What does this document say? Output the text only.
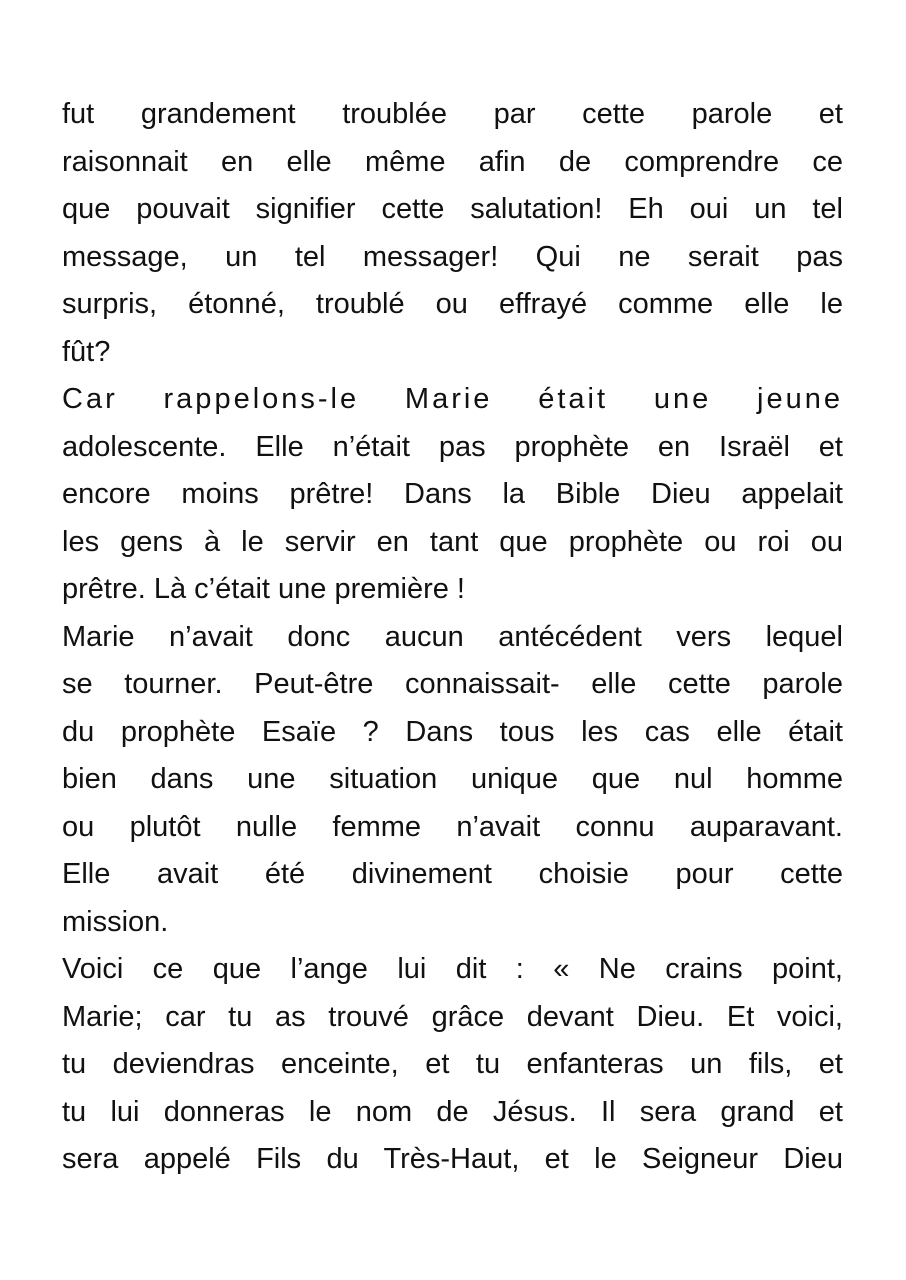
fut grandement troublée par cette parole et
raisonnait en elle même afin de comprendre ce
que pouvait signifier cette salutation! Eh oui un tel
message, un tel messager! Qui ne serait pas
surpris, étonné, troublé ou effrayé comme elle le
fût?
Car rappelons-le Marie était une jeune
adolescente. Elle n’était pas prophète en Israël et
encore moins prêtre! Dans la Bible Dieu appelait
les gens à le servir en tant que prophète ou roi ou
prêtre. Là c’était une première !
Marie n’avait donc aucun antécédent vers lequel
se tourner. Peut-être connaissait- elle cette parole
du prophète Esaïe ? Dans tous les cas elle était
bien dans une situation unique que nul homme
ou plutôt nulle femme n’avait connu auparavant.
Elle avait été divinement choisie pour cette
mission.
Voici ce que l’ange lui dit : « Ne crains point,
Marie; car tu as trouvé grâce devant Dieu. Et voici,
tu deviendras enceinte, et tu enfanteras un fils, et
tu lui donneras le nom de Jésus. Il sera grand et
sera appelé Fils du Très-Haut, et le Seigneur Dieu
